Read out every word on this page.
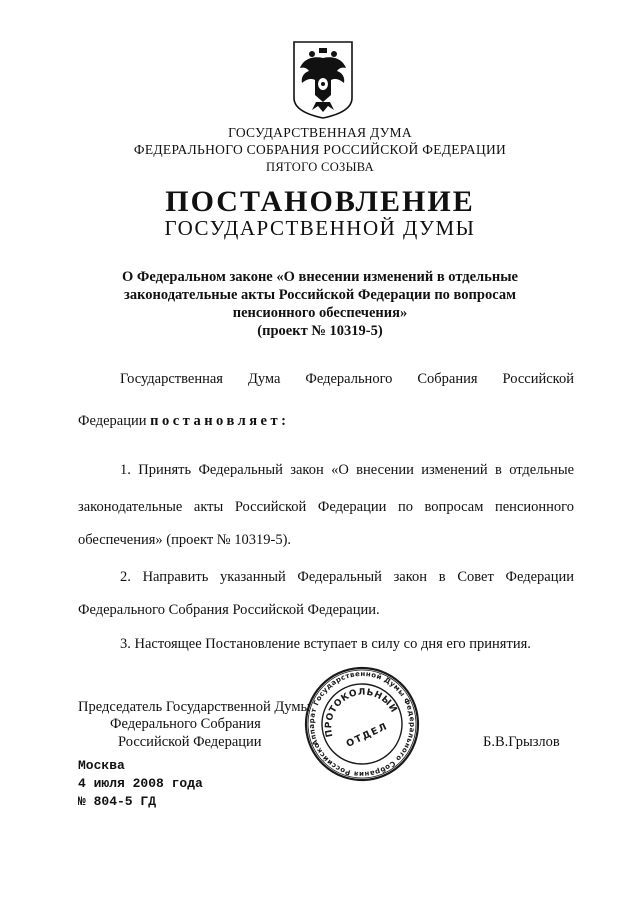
ГОСУДАРСТВЕННАЯ ДУМА
ФЕДЕРАЛЬНОГО СОБРАНИЯ РОССИЙСКОЙ ФЕДЕРАЦИИ
ПЯТОГО СОЗЫВА
ПОСТАНОВЛЕНИЕ
ГОСУДАРСТВЕННОЙ ДУМЫ
О Федеральном законе «О внесении изменений в отдельные
законодательные акты Российской Федерации по вопросам
пенсионного обеспечения»
(проект № 10319-5)
Государственная Дума Федерального Собрания Российской
Федерации постановляет:
1. Принять Федеральный закон «О внесении изменений в отдельные
законодательные акты Российской Федерации по вопросам пенсионного
обеспечения» (проект № 10319-5).
2. Направить указанный Федеральный закон в Совет Федерации
Федерального Собрания Российской Федерации.
3. Настоящее Постановление вступает в силу со дня его принятия.
Председатель Государственной Думы
Федерального Собрания
Российской Федерации	Б.В.Грызлов
Москва
4 июля 2008 года
№ 804-5 ГД
Аппарат Государственной Думы Федерального Собрания Российской
ПРОТОКОЛЬНЫЙ
ОТДЕЛ
